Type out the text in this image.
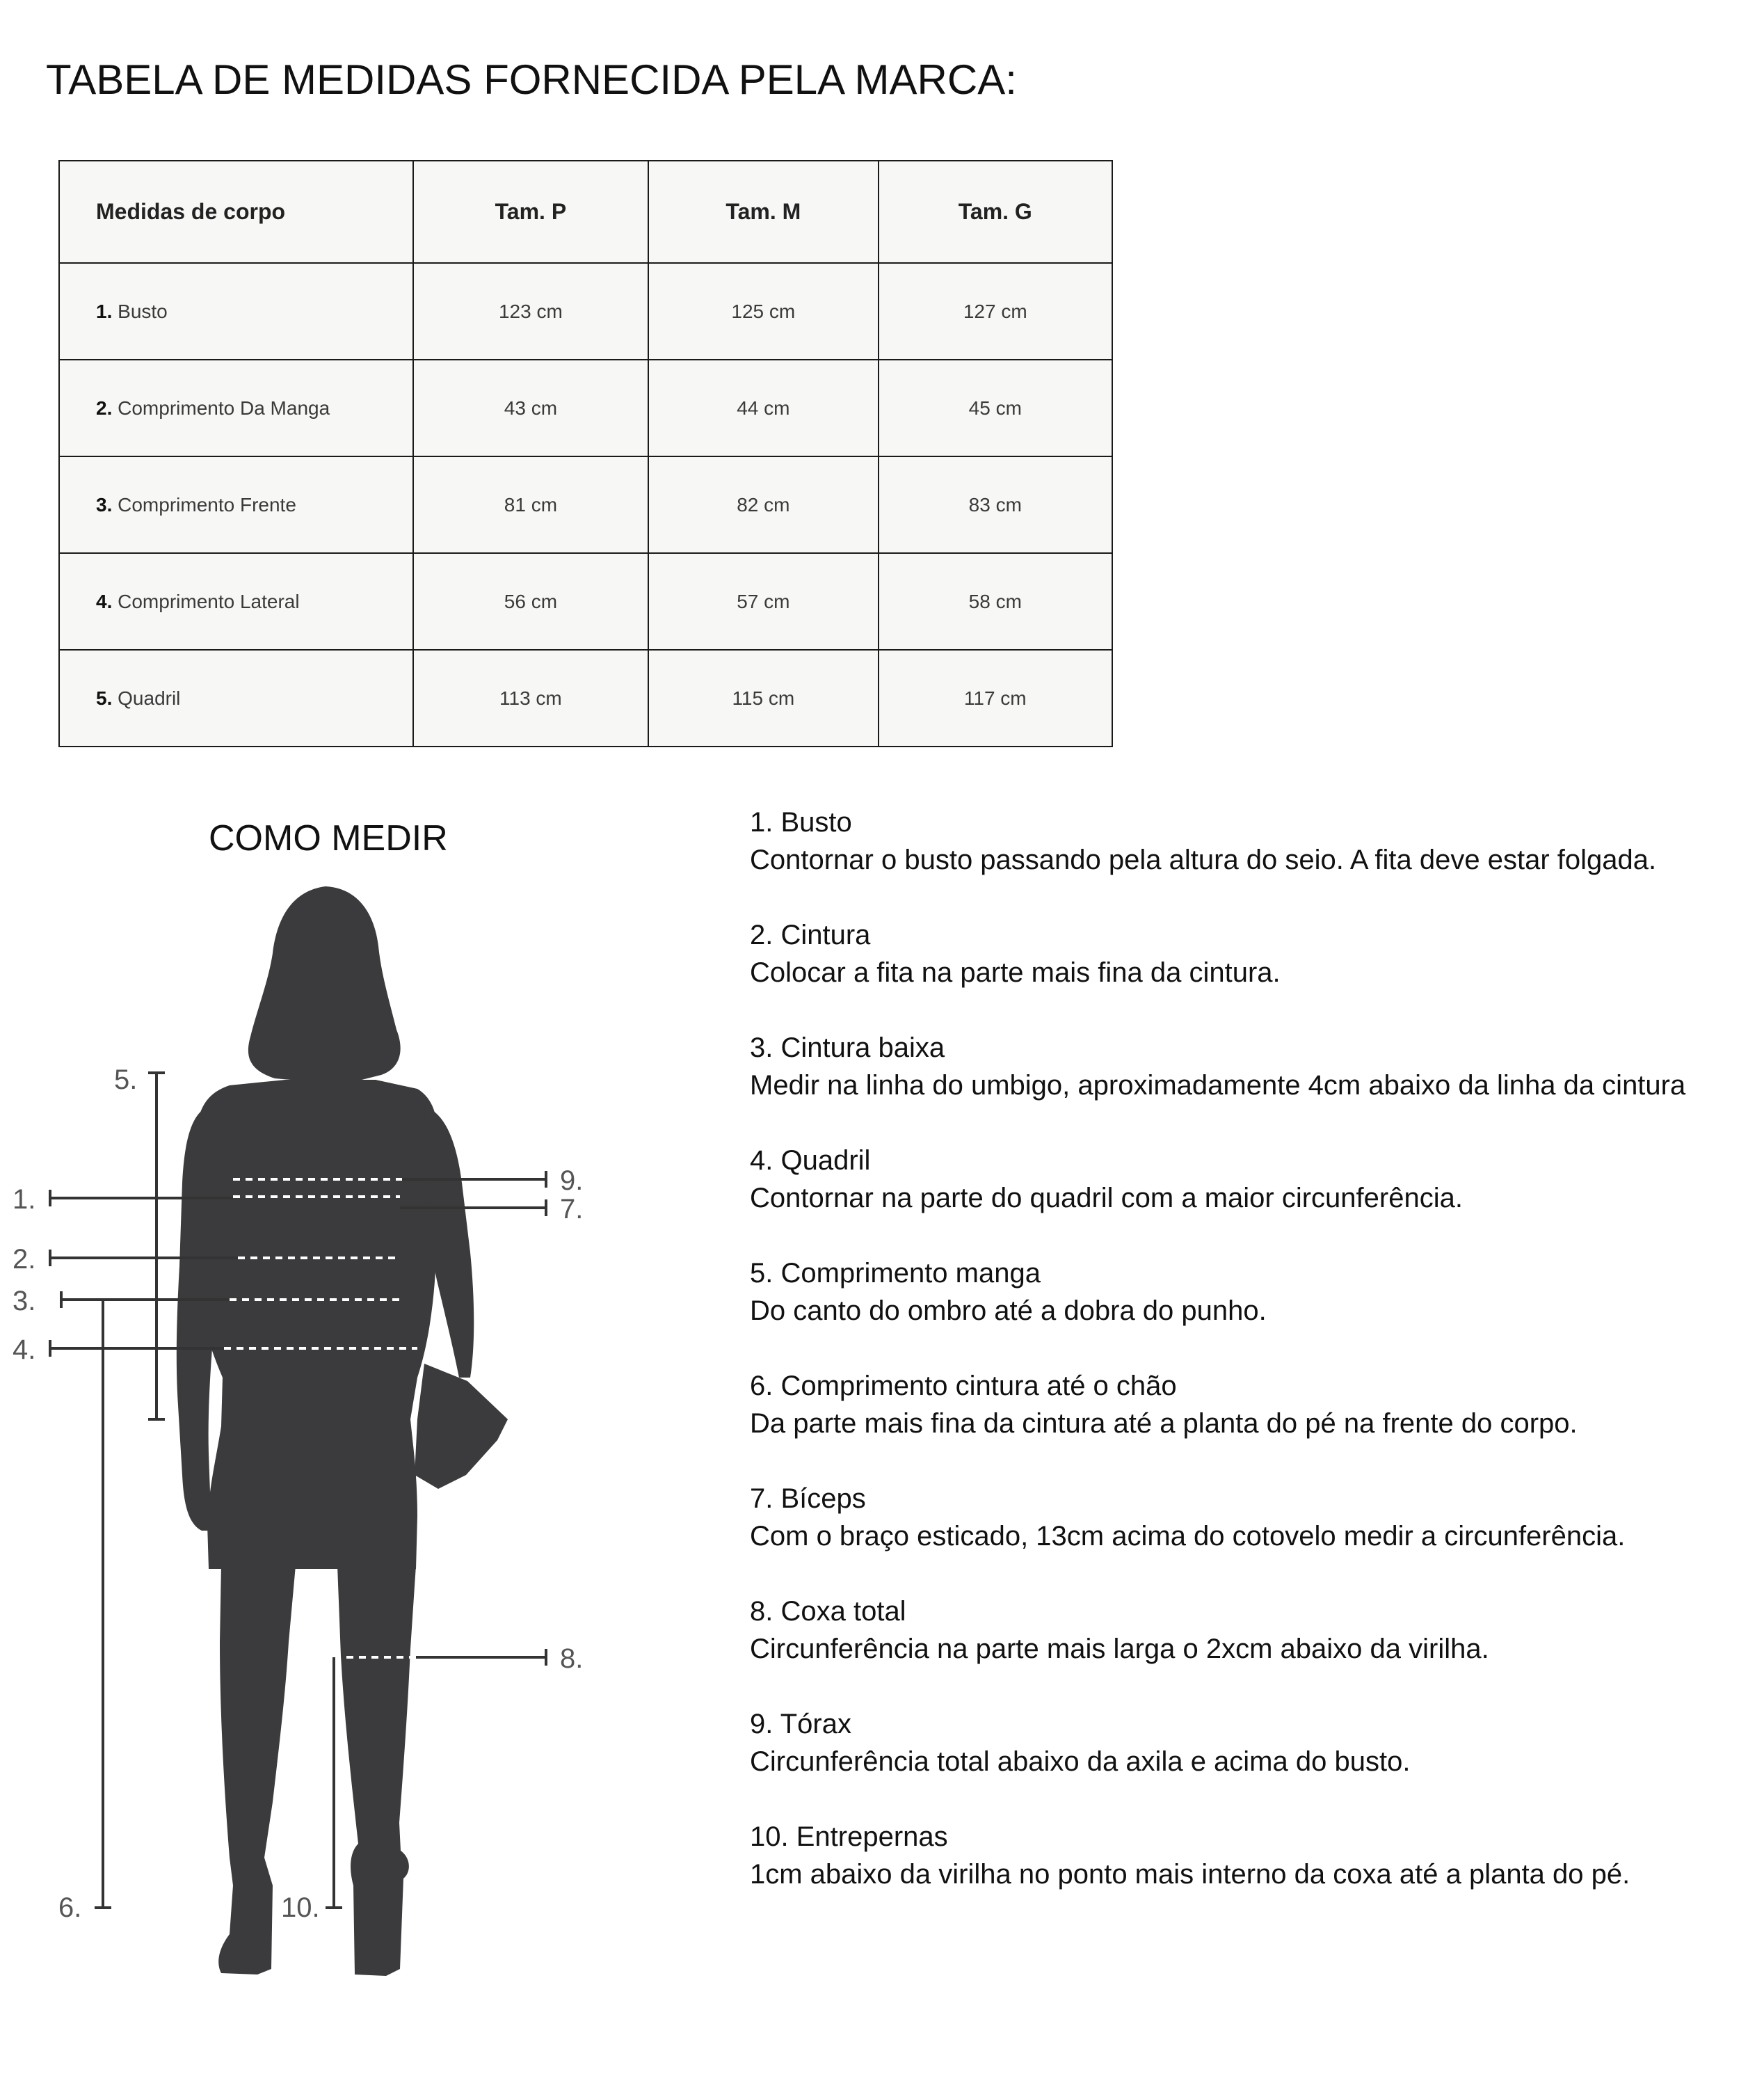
TABELA DE MEDIDAS FORNECIDA PELA MARCA:
Medidas de corpo	Tam. P	Tam. M	Tam. G
1. Busto	123 cm	125 cm	127 cm
2. Comprimento Da Manga	43 cm	44 cm	45 cm
3. Comprimento Frente	81 cm	82 cm	83 cm
4. Comprimento Lateral	56 cm	57 cm	58 cm
5. Quadril	113 cm	115 cm	117 cm
COMO MEDIR
5.
1.
2.
3.
4.
6.	10.
9.
7.
8.
1. Busto
Contornar o busto passando pela altura do seio. A fita deve estar folgada.
2. Cintura
Colocar a fita na parte mais fina da cintura.
3. Cintura baixa
Medir na linha do umbigo, aproximadamente 4cm abaixo da linha da cintura
4. Quadril
Contornar na parte do quadril com a maior circunferência.
5. Comprimento manga
Do canto do ombro até a dobra do punho.
6. Comprimento cintura até o chão
Da parte mais fina da cintura até a planta do pé na frente do corpo.
7. Bíceps
Com o braço esticado, 13cm acima do cotovelo medir a circunferência.
8. Coxa total
Circunferência na parte mais larga o 2xcm abaixo da virilha.
9. Tórax
Circunferência total abaixo da axila e acima do busto.
10. Entrepernas
1cm abaixo da virilha no ponto mais interno da coxa até a planta do pé.
